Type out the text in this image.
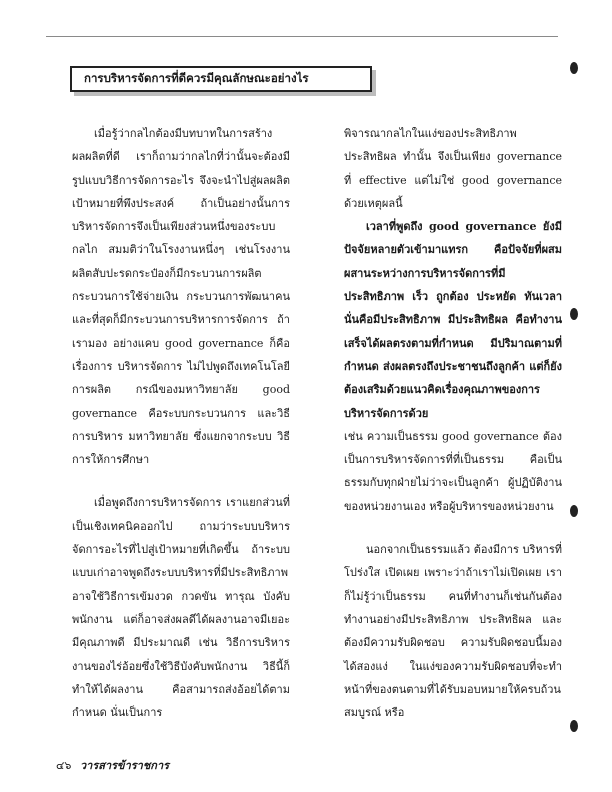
การบริหารจัดการที่ดีควรมีคุณลักษณะอย่างไร

เมื่อรู้ว่ากลไกต้องมีบทบาทในการสร้างผลผลิตที่ดี เราก็ถามว่ากลไกที่ว่านั้นจะต้องมีรูปแบบวิธีการจัดการอะไร จึงจะนำไปสู่ผลผลิตเป้าหมายที่พึงประสงค์ ถ้าเป็นอย่างนั้นการบริหารจัดการจึงเป็นเพียงส่วนหนึ่งของระบบกลไก สมมติว่าในโรงงานหนึ่งๆ เช่นโรงงานผลิตสับปะรดกระป๋องก็มีกระบวนการผลิต กระบวนการใช้จ่ายเงิน กระบวนการพัฒนาคน และที่สุดก็มีกระบวนการบริหารการจัดการ ถ้าเรามอง อย่างแคบ good governance ก็คือเรื่องการ บริหารจัดการ ไม่ไปพูดถึงเทคโนโลยีการผลิต กรณีของมหาวิทยาลัย good governance คือระบบกระบวนการ และวิธีการบริหาร มหาวิทยาลัย ซึ่งแยกจากระบบ วิธีการให้การศึกษา

เมื่อพูดถึงการบริหารจัดการ เราแยกส่วนที่เป็นเชิงเทคนิคออกไป ถามว่าระบบบริหารจัดการอะไรที่ไปสู่เป้าหมายที่เกิดขึ้น ถ้าระบบแบบเก่าอาจพูดถึงระบบบริหารที่มีประสิทธิภาพ อาจใช้วิธีการเข้มงวด กวดขัน ทารุณ บังคับพนักงาน แต่ก็อาจส่งผลดีได้ผลงานอาจมีเยอะ มีคุณภาพดี มีประมาณดี เช่น วิธีการบริหารงานของไร่อ้อยซึ่งใช้วิธีบังคับพนักงาน วิธีนี้ก็ทำให้ได้ผลงาน คือสามารถส่งอ้อยได้ตามกำหนด นั่นเป็นการ

พิจารณากลไกในแง่ของประสิทธิภาพ ประสิทธิผล ทำนั้น จึงเป็นเพียง governance ที่ effective แต่ไม่ใช่ good governance ด้วยเหตุผลนี้

เวลาที่พูดถึง good governance ยังมีปัจจัยหลายตัวเข้ามาแทรก คือปัจจัยที่ผสมผสานระหว่างการบริหารจัดการที่มีประสิทธิภาพ เร็ว ถูกต้อง ประหยัด ทันเวลา นั่นคือมีประสิทธิภาพ มีประสิทธิผล คือทำงานเสร็จได้ผลตรงตามที่กำหนด มีปริมาณตามที่กำหนด ส่งผลตรงถึงประชาชนถึงลูกค้า แต่ก็ยังต้องเสริมด้วยแนวคิดเรื่องคุณภาพของการบริหารจัดการด้วย

เช่น ความเป็นธรรม good governance ต้องเป็นการบริหารจัดการที่ที่เป็นธรรม คือเป็นธรรมกับทุกฝ่ายไม่ว่าจะเป็นลูกค้า ผู้ปฏิบัติงานของหน่วยงานเอง หรือผู้บริหารของหน่วยงาน

นอกจากเป็นธรรมแล้ว ต้องมีการ บริหารที่โปร่งใส เปิดเผย เพราะว่าถ้าเราไม่เปิดเผย เราก็ไม่รู้ว่าเป็นธรรม คนที่ทำงานก็เช่นกันต้องทำงานอย่างมีประสิทธิภาพ ประสิทธิผล และต้องมีความรับผิดชอบ ความรับผิดชอบนี้มองได้สองแง่ ในแง่ของความรับผิดชอบที่จะทำหน้าที่ของตนตามที่ได้รับมอบหมายให้ครบถ้วนสมบูรณ์ หรือ

๔๖ วารสารข้าราชการ
